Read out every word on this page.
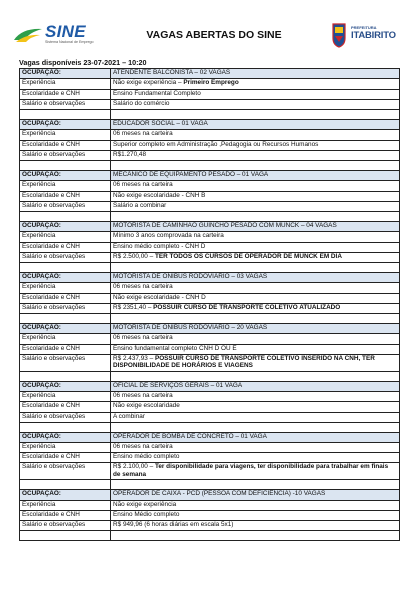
SINE
Sistema Nacional de Emprego
VAGAS ABERTAS DO SINE
PREFEITURA
ITABIRITO
Vagas disponíveis 23-07-2021 – 10:20
OCUPAÇÃO:	ATENDENTE BALCONISTA – 02 VAGAS
Experiência	Não exige experiência – Primeiro Emprego
Escolaridade e CNH	Ensino Fundamental Completo
Salário e observações	Salário do comércio

OCUPAÇÃO:	EDUCADOR SOCIAL – 01 VAGA
Experiência	06 meses na carteira
Escolaridade e CNH	Superior completo em Administração ,Pedagogia ou Recursos Humanos
Salário e observações	R$1.270,48

OCUPAÇÃO:	MECÂNICO DE EQUIPAMENTO PESADO – 01 VAGA
Experiência	06 meses na carteira
Escolaridade e CNH	Não exige escolaridade - CNH B
Salário e observações	Salário a combinar

OCUPAÇÃO:	MOTORISTA DE CAMINHÃO GUINCHO PESADO COM MUNCK – 04 VAGAS
Experiência	Mínimo 3 anos comprovada na carteira
Escolaridade e CNH	Ensino médio completo - CNH D
Salário e observações	R$ 2.500,00 – TER TODOS OS CURSOS DE OPERADOR DE MUNCK EM DIA

OCUPAÇÃO:	MOTORISTA DE ÔNIBUS RODOVIÁRIO – 03 VAGAS
Experiência	06 meses na carteira
Escolaridade e CNH	Não exige escolaridade - CNH D
Salário e observações	R$ 2351,40 – POSSUIR CURSO DE TRANSPORTE COLETIVO ATUALIZADO

OCUPAÇÃO:	MOTORISTA DE ÔNIBUS RODOVIÁRIO – 20 VAGAS
Experiência	06 meses na carteira
Escolaridade e CNH	Ensino fundamental completo CNH D OU E
Salário e observações	R$ 2.437,93 – POSSUIR CURSO DE TRANSPORTE COLETIVO INSERIDO NA CNH, TER DISPONIBILIDADE DE HORÁRIOS E VIAGENS

OCUPAÇÃO:	OFICIAL DE SERVIÇOS GERAIS – 01 VAGA
Experiência	06 meses na carteira
Escolaridade e CNH	Não exige escolaridade
Salário e observações	A combinar

OCUPAÇÃO:	OPERADOR DE BOMBA DE CONCRETO – 01 VAGA
Experiência	06 meses na carteira
Escolaridade e CNH	Ensino médio completo
Salário e observações	R$ 2.100,00 – Ter disponibilidade para viagens, ter disponibilidade para trabalhar em finais de semana

OCUPAÇÃO:	OPERADOR DE CAIXA - PCD (PESSOA COM DEFICIÊNCIA) -10 VAGAS
Experiência	Não exige experiência
Escolaridade e CNH	Ensino Médio completo
Salário e observações	R$ 949,96 (6 horas diárias em escala 5x1)
